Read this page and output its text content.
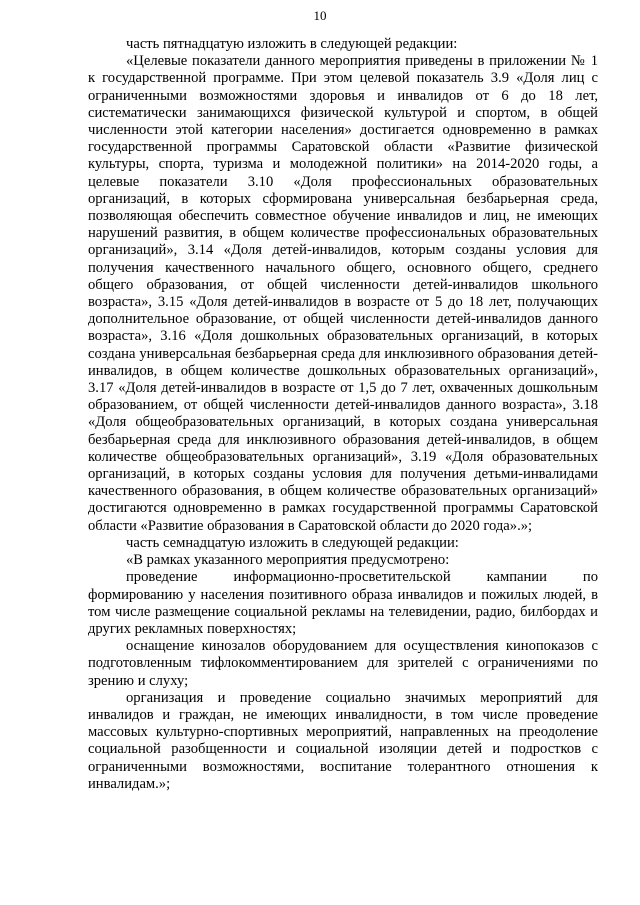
10

часть пятнадцатую изложить в следующей редакции:

«Целевые показатели данного мероприятия приведены в приложении № 1 к государственной программе. При этом целевой показатель 3.9 «Доля лиц с ограниченными возможностями здоровья и инвалидов от 6 до 18 лет, систематически занимающихся физической культурой и спортом, в общей численности этой категории населения» достигается одновременно в рамках государственной программы Саратовской области «Развитие физической культуры, спорта, туризма и молодежной политики» на 2014-2020 годы, а целевые показатели 3.10 «Доля профессиональных образовательных организаций, в которых сформирована универсальная безбарьерная среда, позволяющая обеспечить совместное обучение инвалидов и лиц, не имеющих нарушений развития, в общем количестве профессиональных образовательных организаций», 3.14 «Доля детей-инвалидов, которым созданы условия для получения качественного начального общего, основного общего, среднего общего образования, от общей численности детей-инвалидов школьного возраста», 3.15 «Доля детей-инвалидов в возрасте от 5 до 18 лет, получающих дополнительное образование, от общей численности детей-инвалидов данного возраста», 3.16 «Доля дошкольных образовательных организаций, в которых создана универсальная безбарьерная среда для инклюзивного образования детей-инвалидов, в общем количестве дошкольных образовательных организаций», 3.17 «Доля детей-инвалидов в возрасте от 1,5 до 7 лет, охваченных дошкольным образованием, от общей численности детей-инвалидов данного возраста», 3.18 «Доля общеобразовательных организаций, в которых создана универсальная безбарьерная среда для инклюзивного образования детей-инвалидов, в общем количестве общеобразовательных организаций», 3.19 «Доля образовательных организаций, в которых созданы условия для получения детьми-инвалидами качественного образования, в общем количестве образовательных организаций» достигаются одновременно в рамках государственной программы Саратовской области «Развитие образования в Саратовской области до 2020 года».»;

часть семнадцатую изложить в следующей редакции:

«В рамках указанного мероприятия предусмотрено:

проведение информационно-просветительской кампании по формированию у населения позитивного образа инвалидов и пожилых людей, в том числе размещение социальной рекламы на телевидении, радио, билбордах и других рекламных поверхностях;

оснащение кинозалов оборудованием для осуществления кинопоказов с подготовленным тифлокомментированием для зрителей с ограничениями по зрению и слуху;

организация и проведение социально значимых мероприятий для инвалидов и граждан, не имеющих инвалидности, в том числе проведение массовых культурно-спортивных мероприятий, направленных на преодоление социальной разобщенности и социальной изоляции детей и подростков с ограниченными возможностями, воспитание толерантного отношения к инвалидам.»;
